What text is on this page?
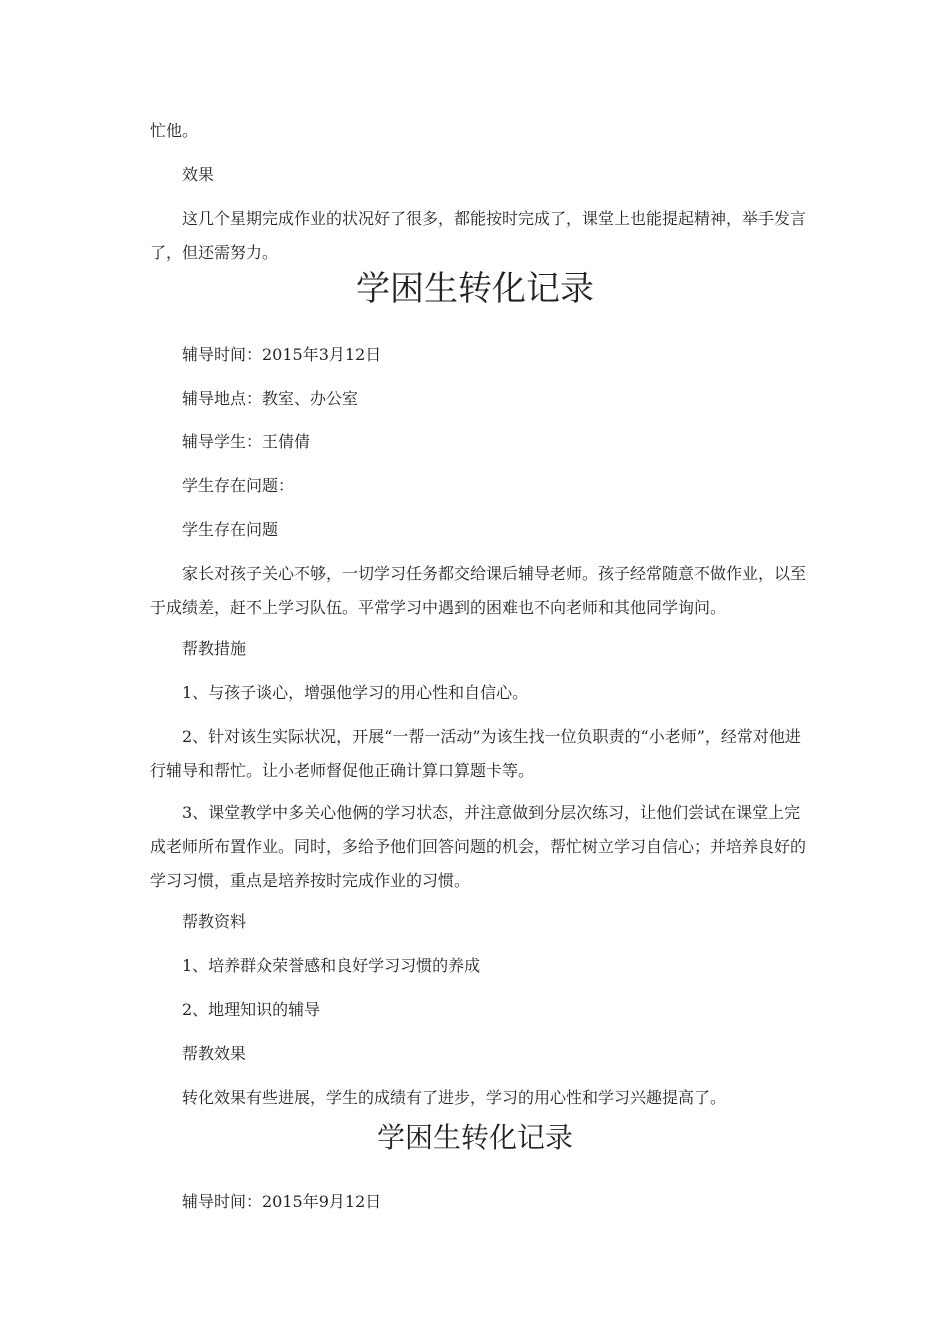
忙他。

效果

这几个星期完成作业的状况好了很多，都能按时完成了，课堂上也能提起精神，举手发言了，但还需努力。

学困生转化记录

辅导时间：2015年3月12日

辅导地点：教室、办公室

辅导学生：王倩倩

学生存在问题：

学生存在问题

家长对孩子关心不够，一切学习任务都交给课后辅导老师。孩子经常随意不做作业，以至于成绩差，赶不上学习队伍。平常学习中遇到的困难也不向老师和其他同学询问。

帮教措施

1、与孩子谈心，增强他学习的用心性和自信心。

2、针对该生实际状况，开展“一帮一活动”为该生找一位负职责的“小老师”，经常对他进行辅导和帮忙。让小老师督促他正确计算口算题卡等。

3、课堂教学中多关心他俩的学习状态，并注意做到分层次练习，让他们尝试在课堂上完成老师所布置作业。同时，多给予他们回答问题的机会，帮忙树立学习自信心；并培养良好的学习习惯，重点是培养按时完成作业的习惯。

帮教资料

1、培养群众荣誉感和良好学习习惯的养成

2、地理知识的辅导

帮教效果

转化效果有些进展，学生的成绩有了进步，学习的用心性和学习兴趣提高了。

学困生转化记录

辅导时间：2015年9月12日
